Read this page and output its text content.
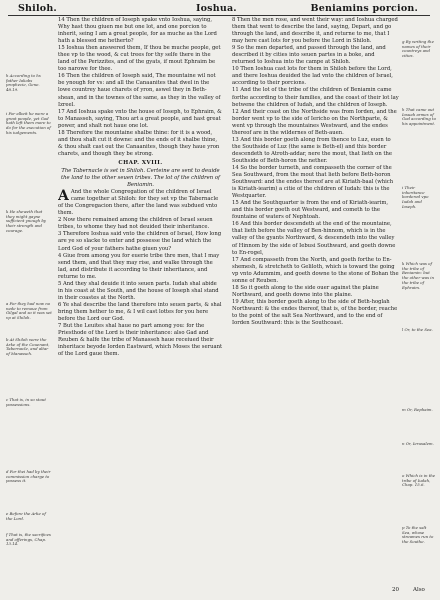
Shiloh.	Ioshua.	Beniamins porcion.

14 Then the children of Ioseph spake vnto Ioshua, saying, Why hast thou giuen me but one lot, and one porcion to inherit, seing I am a great people, for as muche as the Lord hath a blessed me hetherto?

15 Ioshua then answered them, If thou be muche people, get thee vp to the wood, & cut trees for thy selfe there in the land of the Perizzites, and of the gyats, if mout Ephraim be too narowe for thee.

16 Then the children of Ioseph said, The mountaine wil not be ynough for vs: and all the Canaanites that dwel in the lowe countrey haue charets of yron, aswel they in Beth-shean, and in the townes of the same, as they in the valley of Izreel.

17 And Ioshua spake vnto the house of Ioseph, to Ephraim, & to Manasseh, saying, Thou art a great people, and hast great power, and shalt not haue one lot.

18 Therefore the mountaine shalbe thine: for it is a wood, and thou shalt cut it downe: and the ends of it shalbe thine, & thou shalt cast out the Canaanites, though they haue yron charets, and though they be strong.

CHAP. XVIII.

The Tabernacle is set in Shiloh. Certeine are sent to deuide the land to the other seuen tribes. The lot of the children of Beniamin.

A And the whole Congregation of the children of Israel came together at Shiloh: for they set vp the Tabernacle of the Congregacion there, after the land was subdued vnto them.

2 Now there remained among the children of Israel seuen tribes, to whome they had not deuided their inheritance.

3 Therefore Ioshua said vnto the children of Israel, How long are ye so slacke to enter and possesse the land which the Lord God of your fathers hathe giuen you?

4 Giue from among you for euerie tribe thre men, that I may send them, and that they may rise, and walke through the lad, and distribute it according to their inheritance, and returne to me.

5 And they shal deuide it into seuen parts. Iudah shal abide in his coast at the South, and the house of Ioseph shal stand in their coastes at the North.

6 Ye shal describe the land therefore into seuen parts, & shal bring them hether to me, & I wil cast lottes for you here before the Lord our God.

7 But the Leuites shal haue no part among you: for the Priesthode of the Lord is their inheritance: also Gad and Reuben & halfe the tribe of Manasseh haue receiued their inheritace beyode Iorden Eastward, which Moses the seruant of the Lord gaue them.

8 Then the men rose, and went their way: and Ioshua charged them that went to describe the land, saying, Depart, and go through the land, and describe it, and returne to me, that I may here cast lots for you before the Lord in Shiloh.

9 So the men departed, and passed through the land, and described it by cities into seuen partes in a boke, and returned to Ioshua into the campe at Shiloh.

10 Then Ioshua cast lots for them in Shiloh before the Lord, and there Ioshua deuided the lad vnto the children of Israel, according to their porcions.

11 And the lot of the tribe of the children of Beniamin came forthe according to their families, and the coast of their lot lay betwene the children of Iudah, and the children of Ioseph.

12 And their coast on the Northside was from Iorden, and the border went vp to the side of Iericho on the Northparte, & went vp through the mountaines Westward, and the endes thereof are in the wildernes of Beth-auen.

13 And this border goeth along from thence to Luz, euen to the Southside of Luz (the same is Beth-el) and this border descendeth to Atroth-addar, nere the mout, that lieth on the Southside of Beth-horon the nether.

14 So the border turneth, and compasseth the corner of the Sea Southward, from the mout that lieth before Beth-horon Southward: and the endes thereof are at Kiriath-baal (which is Kiriath-iearim) a citie of the children of Iudah: this is the Westquarter.

15 And the Southquarter is from the end of Kiriath-iearim, and this border goeth out Westward, and cometh to the fountaine of waters of Nephtoah.

16 And this border descendeth at the end of the mountaine, that lieth before the valley of Ben-hinnom, which is in the valley of the gyants Northward, & descendeth into the valley of Hinnom by the side of Iebusi Southward, and goeth downe to En-rogel,

17 And compasseth from the North, and goeth forthe to En-shemesh, & stretcheth to Geliloth, which is toward the going vp vnto Adummim, and goeth downe to the stone of Bohan the sonne of Reuben.

18 So it goeth along to the side ouer against the plaine Northward, and goeth downe into the plaine.

19 After, this border goeth along to the side of Beth-hoglah Northward: & the endes thereof, that is, of the border, reache to the point of the salt Sea Northward, and to the end of Iorden Southward: this is the Southcoast.

h According to hs father Iakobs prophecie, Gene. 48.19.
i For albeit he were a great people, yet God hath left them more to do for the execution of his iudgements.
k He sheweth that they might gayne sufficient ynough by their strength and courage.
a For they had now no nede to remoue from Gilgal and so it was set vp at Shiloh.
b At Shiloh were the Arke of the Couenant, Tabernacle, and altar of Manasseh.
c That is, in so stout possessions.
d For thei had by their commission charge to possess it.
e Before the Arke of the Lord.
f That is, the sacrifices and offerings, Chap. 13.14.
g By writing the names of their countreys and cities.
h That came out Iosuah armes of God according to his appointment.
i Their inheritance bordered vpo Iudah and Ioseph.
k Which was of the tribe of Beniamin: but the other was in the tribe of Ephraim.
l Or, to the Sea.
m Or, Rephaim.
n Or, Ierusalem.
o Which is in the tribe of Iudah, Chap. 15.6.
p To the salt Sea, whose streames run to the Southe.
20	Also
